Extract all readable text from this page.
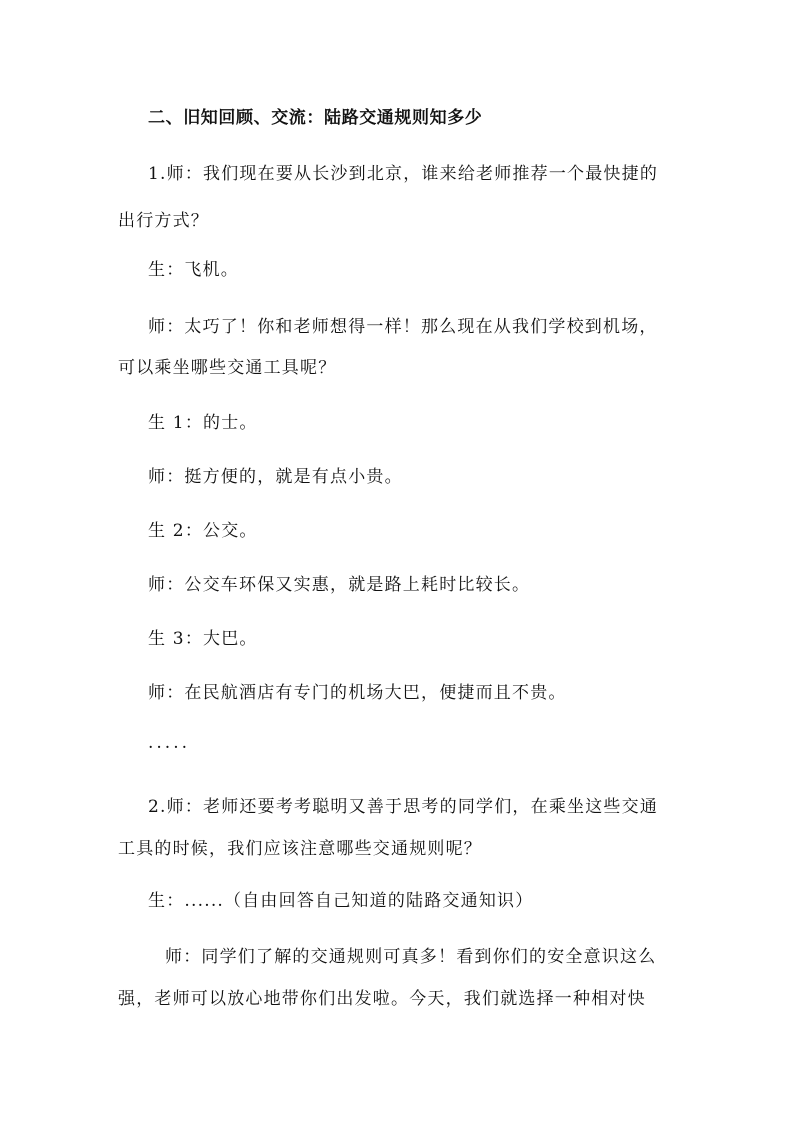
二、旧知回顾、交流：陆路交通规则知多少
1.师：我们现在要从长沙到北京，谁来给老师推荐一个最快捷的
出行方式？
生：飞机。
师：太巧了！你和老师想得一样！那么现在从我们学校到机场，
可以乘坐哪些交通工具呢？
生 1：的士。
师：挺方便的，就是有点小贵。
生 2：公交。
师：公交车环保又实惠，就是路上耗时比较长。
生 3：大巴。
师：在民航酒店有专门的机场大巴，便捷而且不贵。
.....
2.师：老师还要考考聪明又善于思考的同学们，在乘坐这些交通
工具的时候，我们应该注意哪些交通规则呢？
生：......（自由回答自己知道的陆路交通知识）
师：同学们了解的交通规则可真多！看到你们的安全意识这么
强，老师可以放心地带你们出发啦。今天，我们就选择一种相对快
